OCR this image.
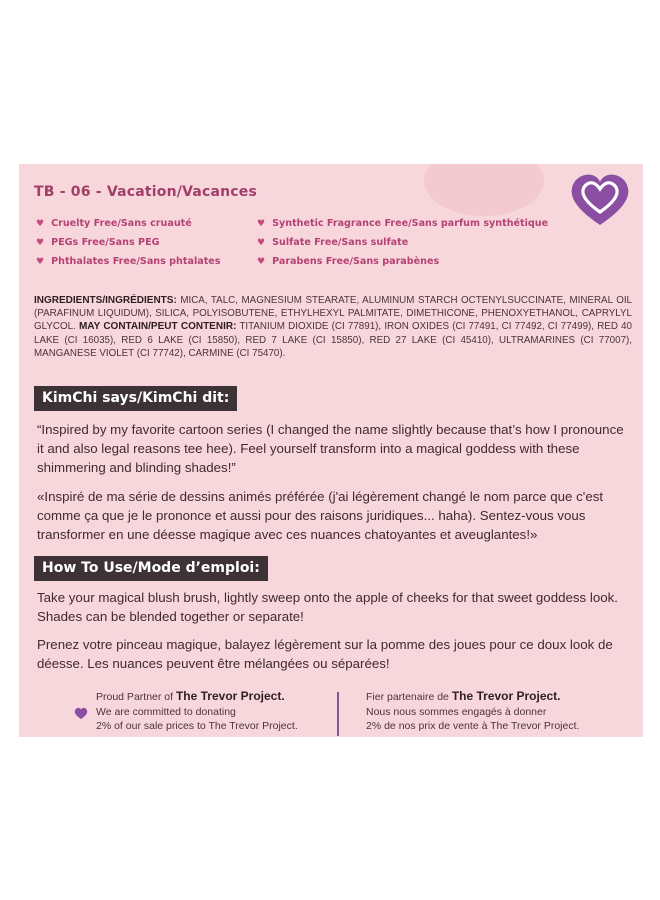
TB - 06 - Vacation/Vacances
♥ Cruelty Free/Sans cruauté	♥ Synthetic Fragrance Free/Sans parfum synthétique
♥ PEGs Free/Sans PEG	♥ Sulfate Free/Sans sulfate
♥ Phthalates Free/Sans phtalates	♥ Parabens Free/Sans parabènes
INGREDIENTS/INGRÉDIENTS: MICA, TALC, MAGNESIUM STEARATE, ALUMINUM STARCH OCTENYLSUCCINATE, MINERAL OIL (PARAFINUM LIQUIDUM), SILICA, POLYISOBUTENE, ETHYLHEXYL PALMITATE, DIMETHICONE, PHENOXYETHANOL, CAPRYLYL GLYCOL. MAY CONTAIN/PEUT CONTENIR: TITANIUM DIOXIDE (CI 77891), IRON OXIDES (CI 77491, CI 77492, CI 77499), RED 40 LAKE (CI 16035), RED 6 LAKE (CI 15850), RED 7 LAKE (CI 15850), RED 27 LAKE (CI 45410), ULTRAMARINES (CI 77007), MANGANESE VIOLET (CI 77742), CARMINE (CI 75470).
KimChi says/KimChi dit:
“Inspired by my favorite cartoon series (I changed the name slightly because that’s how I pronounce it and also legal reasons tee hee). Feel yourself transform into a magical goddess with these shimmering and blinding shades!”
«Inspiré de ma série de dessins animés préférée (j'ai légèrement changé le nom parce que c'est comme ça que je le prononce et aussi pour des raisons juridiques... haha). Sentez-vous vous transformer en une déesse magique avec ces nuances chatoyantes et aveuglantes!»
How To Use/Mode d’emploi:
Take your magical blush brush, lightly sweep onto the apple of cheeks for that sweet goddess look. Shades can be blended together or separate!
Prenez votre pinceau magique, balayez légèrement sur la pomme des joues pour ce doux look de déesse. Les nuances peuvent être mélangées ou séparées!
Proud Partner of The Trevor Project.
We are committed to donating
2% of our sale prices to The Trevor Project.
Fier partenaire de The Trevor Project.
Nous nous sommes engagés à donner
2% de nos prix de vente à The Trevor Project.
